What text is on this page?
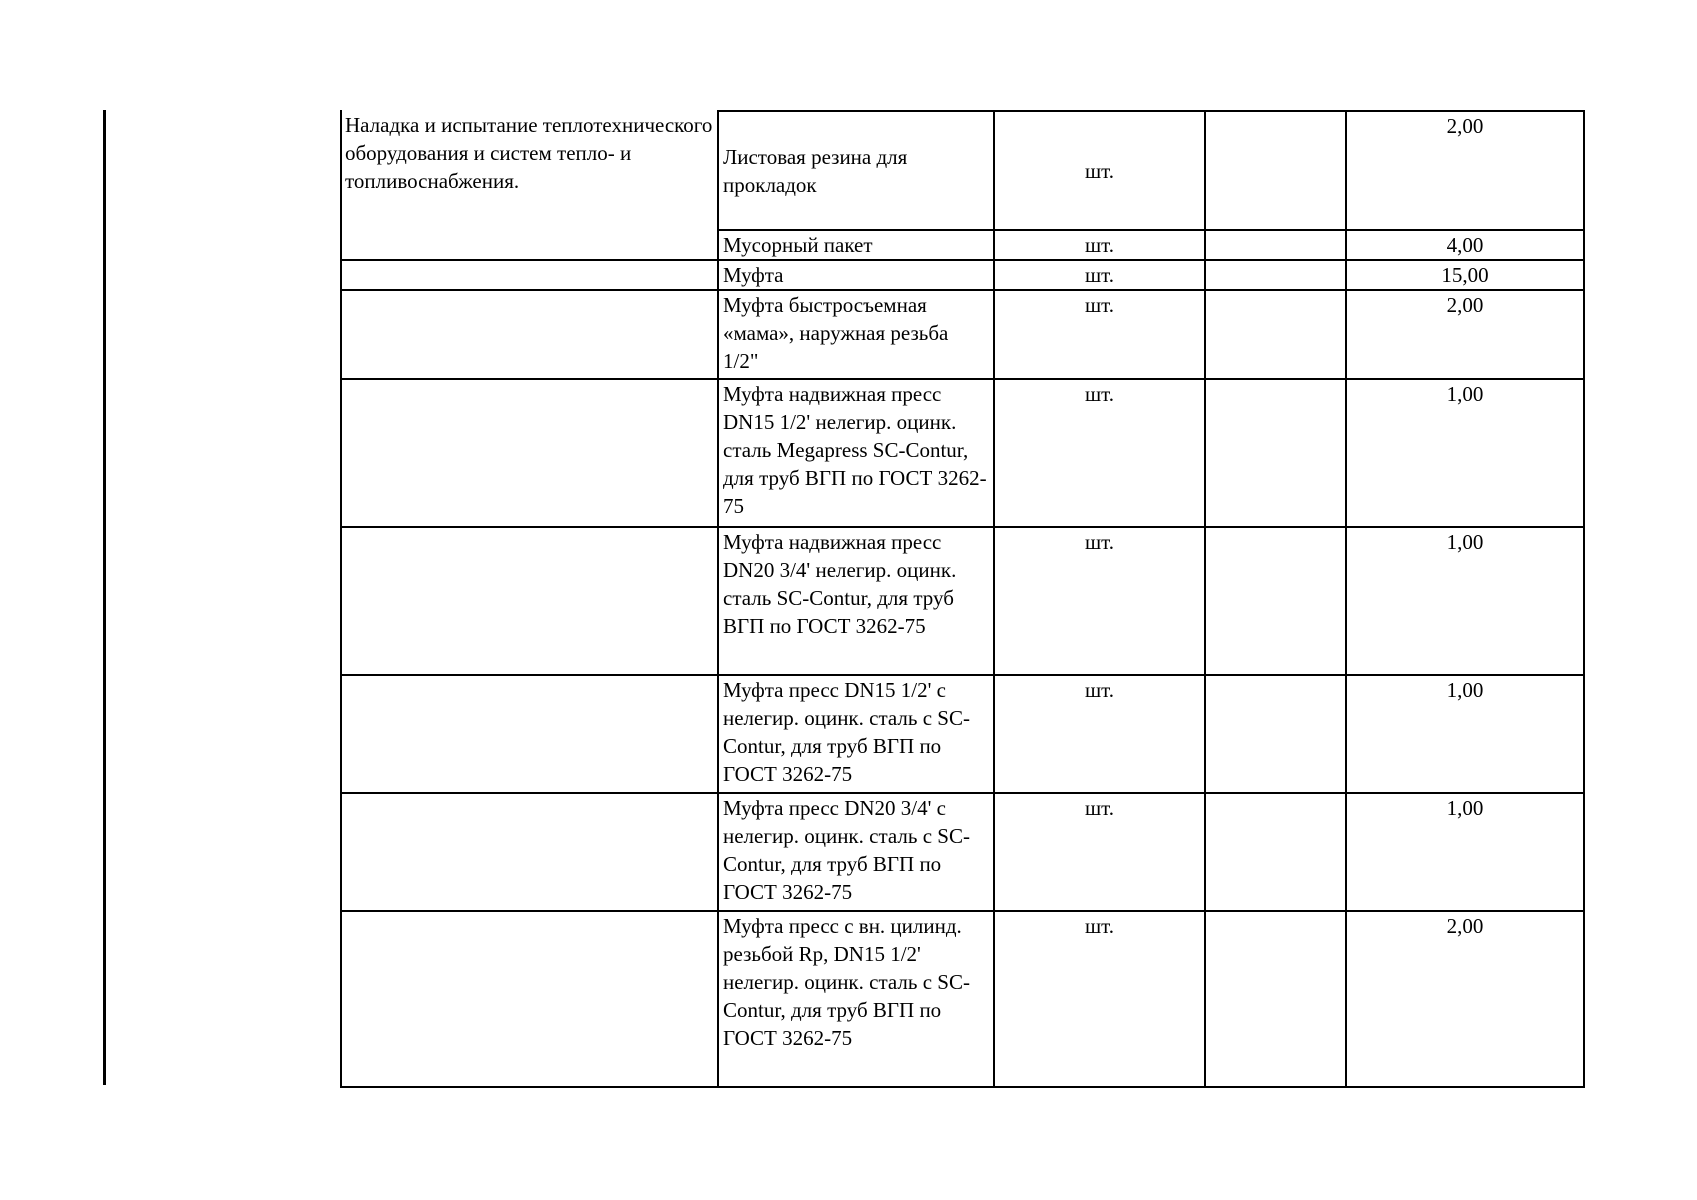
Наладка и испытание теплотехнического оборудования и систем тепло- и топливоснабжения.	Листовая резина для прокладок	шт.		2,00
	Мусорный пакет	шт.		4,00
	Муфта	шт.		15,00
	Муфта быстросъемная «мама», наружная резьба 1/2"	шт.		2,00
	Муфта надвижная пресс DN15 1/2' нелегир. оцинк. сталь Megapress SC-Contur, для труб ВГП по ГОСТ 3262-75	шт.		1,00
	Муфта надвижная пресс DN20 3/4' нелегир. оцинк. сталь SC-Contur, для труб ВГП по ГОСТ 3262-75	шт.		1,00
	Муфта пресс DN15 1/2' с нелегир. оцинк. сталь с SC-Contur, для труб ВГП по ГОСТ 3262-75	шт.		1,00
	Муфта пресс DN20 3/4' с нелегир. оцинк. сталь с SC-Contur, для труб ВГП по ГОСТ 3262-75	шт.		1,00
	Муфта пресс с вн. цилинд. резьбой Rp, DN15 1/2' нелегир. оцинк. сталь с SC-Contur, для труб ВГП по ГОСТ 3262-75	шт.		2,00
